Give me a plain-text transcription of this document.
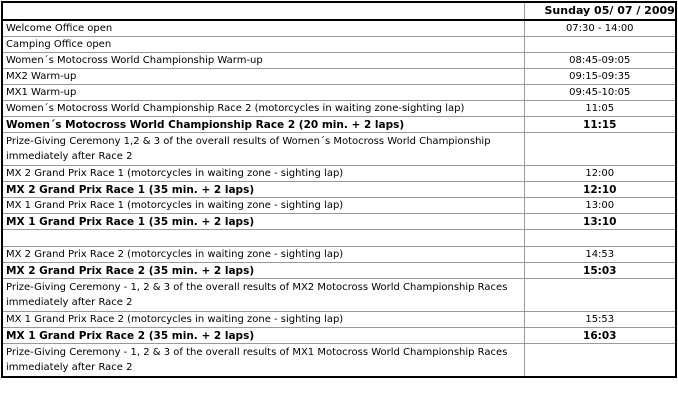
	Sunday 05/ 07 / 2009
Welcome Office open	07:30 - 14:00
Camping Office open	
Women´s Motocross World Championship Warm-up	08:45-09:05
MX2 Warm-up	09:15-09:35
MX1 Warm-up	09:45-10:05
Women´s Motocross World Championship Race 2 (motorcycles in waiting zone-sighting lap)	11:05
Women´s Motocross World Championship Race 2 (20 min. + 2 laps)	11:15
Prize-Giving Ceremony 1,2 & 3 of the overall results of Women´s Motocross World Championship immediately after Race 2	
MX 2 Grand Prix Race 1 (motorcycles in waiting zone - sighting lap)	12:00
MX 2 Grand Prix Race 1 (35 min. + 2 laps)	12:10
MX 1 Grand Prix Race 1 (motorcycles in waiting zone - sighting lap)	13:00
MX 1 Grand Prix Race 1 (35 min. + 2 laps)	13:10

MX 2 Grand Prix Race 2 (motorcycles in waiting zone - sighting lap)	14:53
MX 2 Grand Prix Race 2 (35 min. + 2 laps)	15:03
Prize-Giving Ceremony - 1, 2 & 3 of the overall results of MX2 Motocross World Championship Races immediately after Race 2	
MX 1 Grand Prix Race 2 (motorcycles in waiting zone - sighting lap)	15:53
MX 1 Grand Prix Race 2 (35 min. + 2 laps)	16:03
Prize-Giving Ceremony - 1, 2 & 3 of the overall results of MX1 Motocross World Championship Races immediately after Race 2	
